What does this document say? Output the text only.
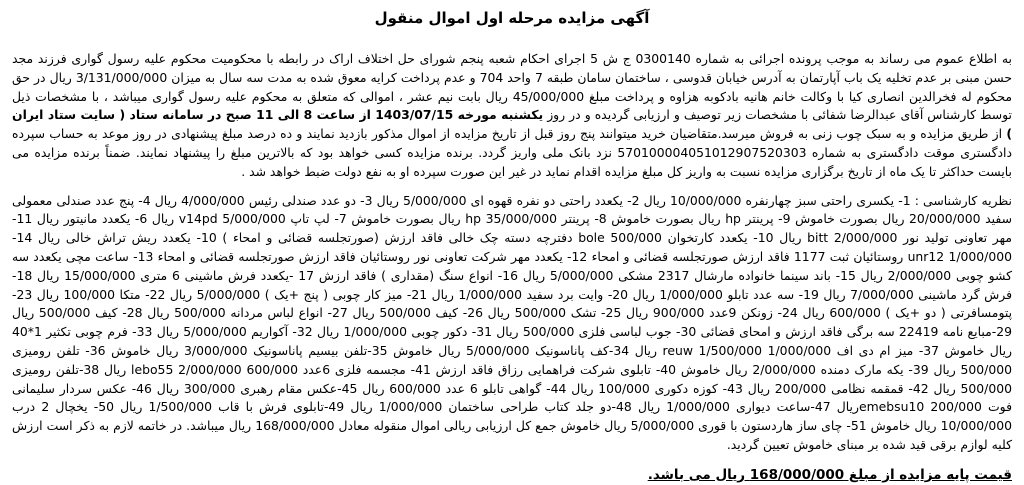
آگهی مزایده مرحله اول اموال منقول

به اطلاع عموم می رساند به موجب پرونده اجرائی به شماره 0300140 ج ش 5 اجرای احکام شعبه پنجم شورای حل اختلاف اراک در رابطه با محکومیت محکوم علیه رسول گواری فرزند مجد حسن مبنی بر عدم تخلیه یک باب آپارتمان به آدرس خیابان قدوسی ، ساختمان سامان طبقه 7 واحد 704 و عدم پرداخت کرایه معوق شده به مدت سه سال به میزان 3/131/000/000 ریال در حق محکوم له فخرالدین انصاری کیا با وکالت خانم هانیه بادکوبه هزاوه و پرداخت مبلغ 45/000/000 ریال بابت نیم عشر ، اموالی که متعلق به محکوم علیه رسول گواری میباشد ، با مشخصات ذیل توسط کارشناس آقای عبدالرضا شفائی با مشخصات زیر توصیف و ارزیابی گردیده و در روز یکشنبه مورخه 1403/07/15 از ساعت 8 الی 11 صبح در سامانه ستاد ( سایت ستاد ایران ) از طریق مزایده و به سبک چوب زنی به فروش میرسد.متقاضیان خرید میتوانند پنج روز قبل از تاریخ مزایده از اموال مذکور بازدید نمایند و ده درصد مبلغ پیشنهادی در روز موعد به حساب سپرده دادگستری موقت دادگستری به شماره 5701000040510129075203‪0‬3 نزد بانک ملی واریز گردد. برنده مزایده کسی خواهد بود که بالاترین مبلغ را پیشنهاد نمایند. ضمناً برنده مزایده می بایست حداکثر تا یک ماه از تاریخ برگزاری مزایده نسبت به واریز کل مبلغ مزایده اقدام نماید در غیر این صورت سپرده او به نفع دولت ضبط خواهد شد .

نظریه کارشناسی : 1- یکسری راحتی سبز چهارنفره 10/000/000 ریال 2- یکعدد راحتی دو نفره قهوه ای 5/000/000 ریال 3- دو عدد صندلی رئیس 4/000/000 ریال 4- پنج عدد صندلی معمولی سفید 20/000/000 ریال بصورت خاموش 9- پرینتر hp ریال بصورت خاموش 8- پرینتر 35/000/000 hp ریال بصورت خاموش 7- لپ تاپ 5/000/000 v14pd ریال 6- یکعدد مانیتور ریال 11- مهر تعاونی تولید نور 2/000/000 bitt ریال 10- یکعدد کارتخوان 500/000 bole دفترچه دسته چک خالی فاقد ارزش (صورتجلسه قضائی و امحاء ) 10- یکعدد ریش تراش خالی ریال 14- 1/000/000 unr12 روستائیان ثبت 1177 فاقد ارزش صورتجلسه قضائی و امحاء 12- یکعدد مهر شرکت تعاونی نور روستائیان فاقد ارزش صورتجلسه قضائی و امحاء 13- ساعت مچی یکعدد سه کشو چوبی 2/000/000 ریال 15- باند سینما خانواده مارشال 2317 مشکی 5/000/000 ریال 16- انواع سنگ (مقداری ) فاقد ارزش 17 -یکعدد فرش ماشینی 6 متری 15/000/000 ریال 18-فرش گرد ماشینی 7/000/000 ریال 19- سه عدد تابلو 1/000/000 ریال 20- وایت برد سفید 1/000/000 ریال 21- میز کار چوبی ( پنج +یک ) 5/000/000 ریال 22- متکا 100/000 ریال 23- پتومسافرتی ( دو +یک ) 600/000 ریال 24- زونکن 9عدد 900/000 ریال 25- تشک 500/000 ریال 26- کیف 500/000 ریال 27- انواع لباس مردانه 500/000 ریال 28- کیف 500/000 ریال 29-مبایع نامه 22419 سه برگی فاقد ارزش و امحای قضائی 30- جوب لباسی فلزی 500/000 ریال 31- دکور چوبی 1/000/000 ریال 32- آکواریم 5/000/000 ریال 33- فرم چوبی تکثیر 1*40 ریال خاموش 37- میز ام دی اف 1/000/000 reuw 1/500/000 ریال 34-کف پاناسونیک 5/000/000 ریال خاموش 35-تلفن بیسیم پاناسونیک 3/000/000 ریال خاموش 36- تلفن رومیزی 500/000 ریال 39- یکه مارک دمنده 2/000/000 ریال خاموش 40- تابلوی شرکت فراهمایی رزاق فاقد ارزش 41- مجسمه فلزی 6عدد 600/000 lebo55 2/000/000 ریال 38-تلفن رومیزی 500/000 ریال 42- قمقمه نظامی 200/000 ریال 43- کوزه دکوری 100/000 ریال 44- گواهی تابلو 6 عدد 600/000 ریال 45-عکس مقام رهبری 300/000 ریال 46- عکس سردار سلیمانی فوت emebsu10 200/000ریال 47-ساعت دیواری 1/000/000 ریال 48-دو جلد کتاب طراحی ساختمان 1/000/000 ریال 49-تابلوی فرش با قاب 1/500/000 ریال 50- یخچال 2 درب 10/000/000 ریال خاموش 51- چای ساز هاردستون با قوری 5/000/000 ریال خاموش جمع کل ارزیابی ریالی اموال منقوله معادل 168/000/000 ریال میباشد. در خاتمه لازم به ذکر است ارزش کلیه لوازم برقی قید شده بر مبنای خاموش تعیین گردید.

قیمت پایه مزایده از مبلغ 168/000/000 ریال می باشد.
